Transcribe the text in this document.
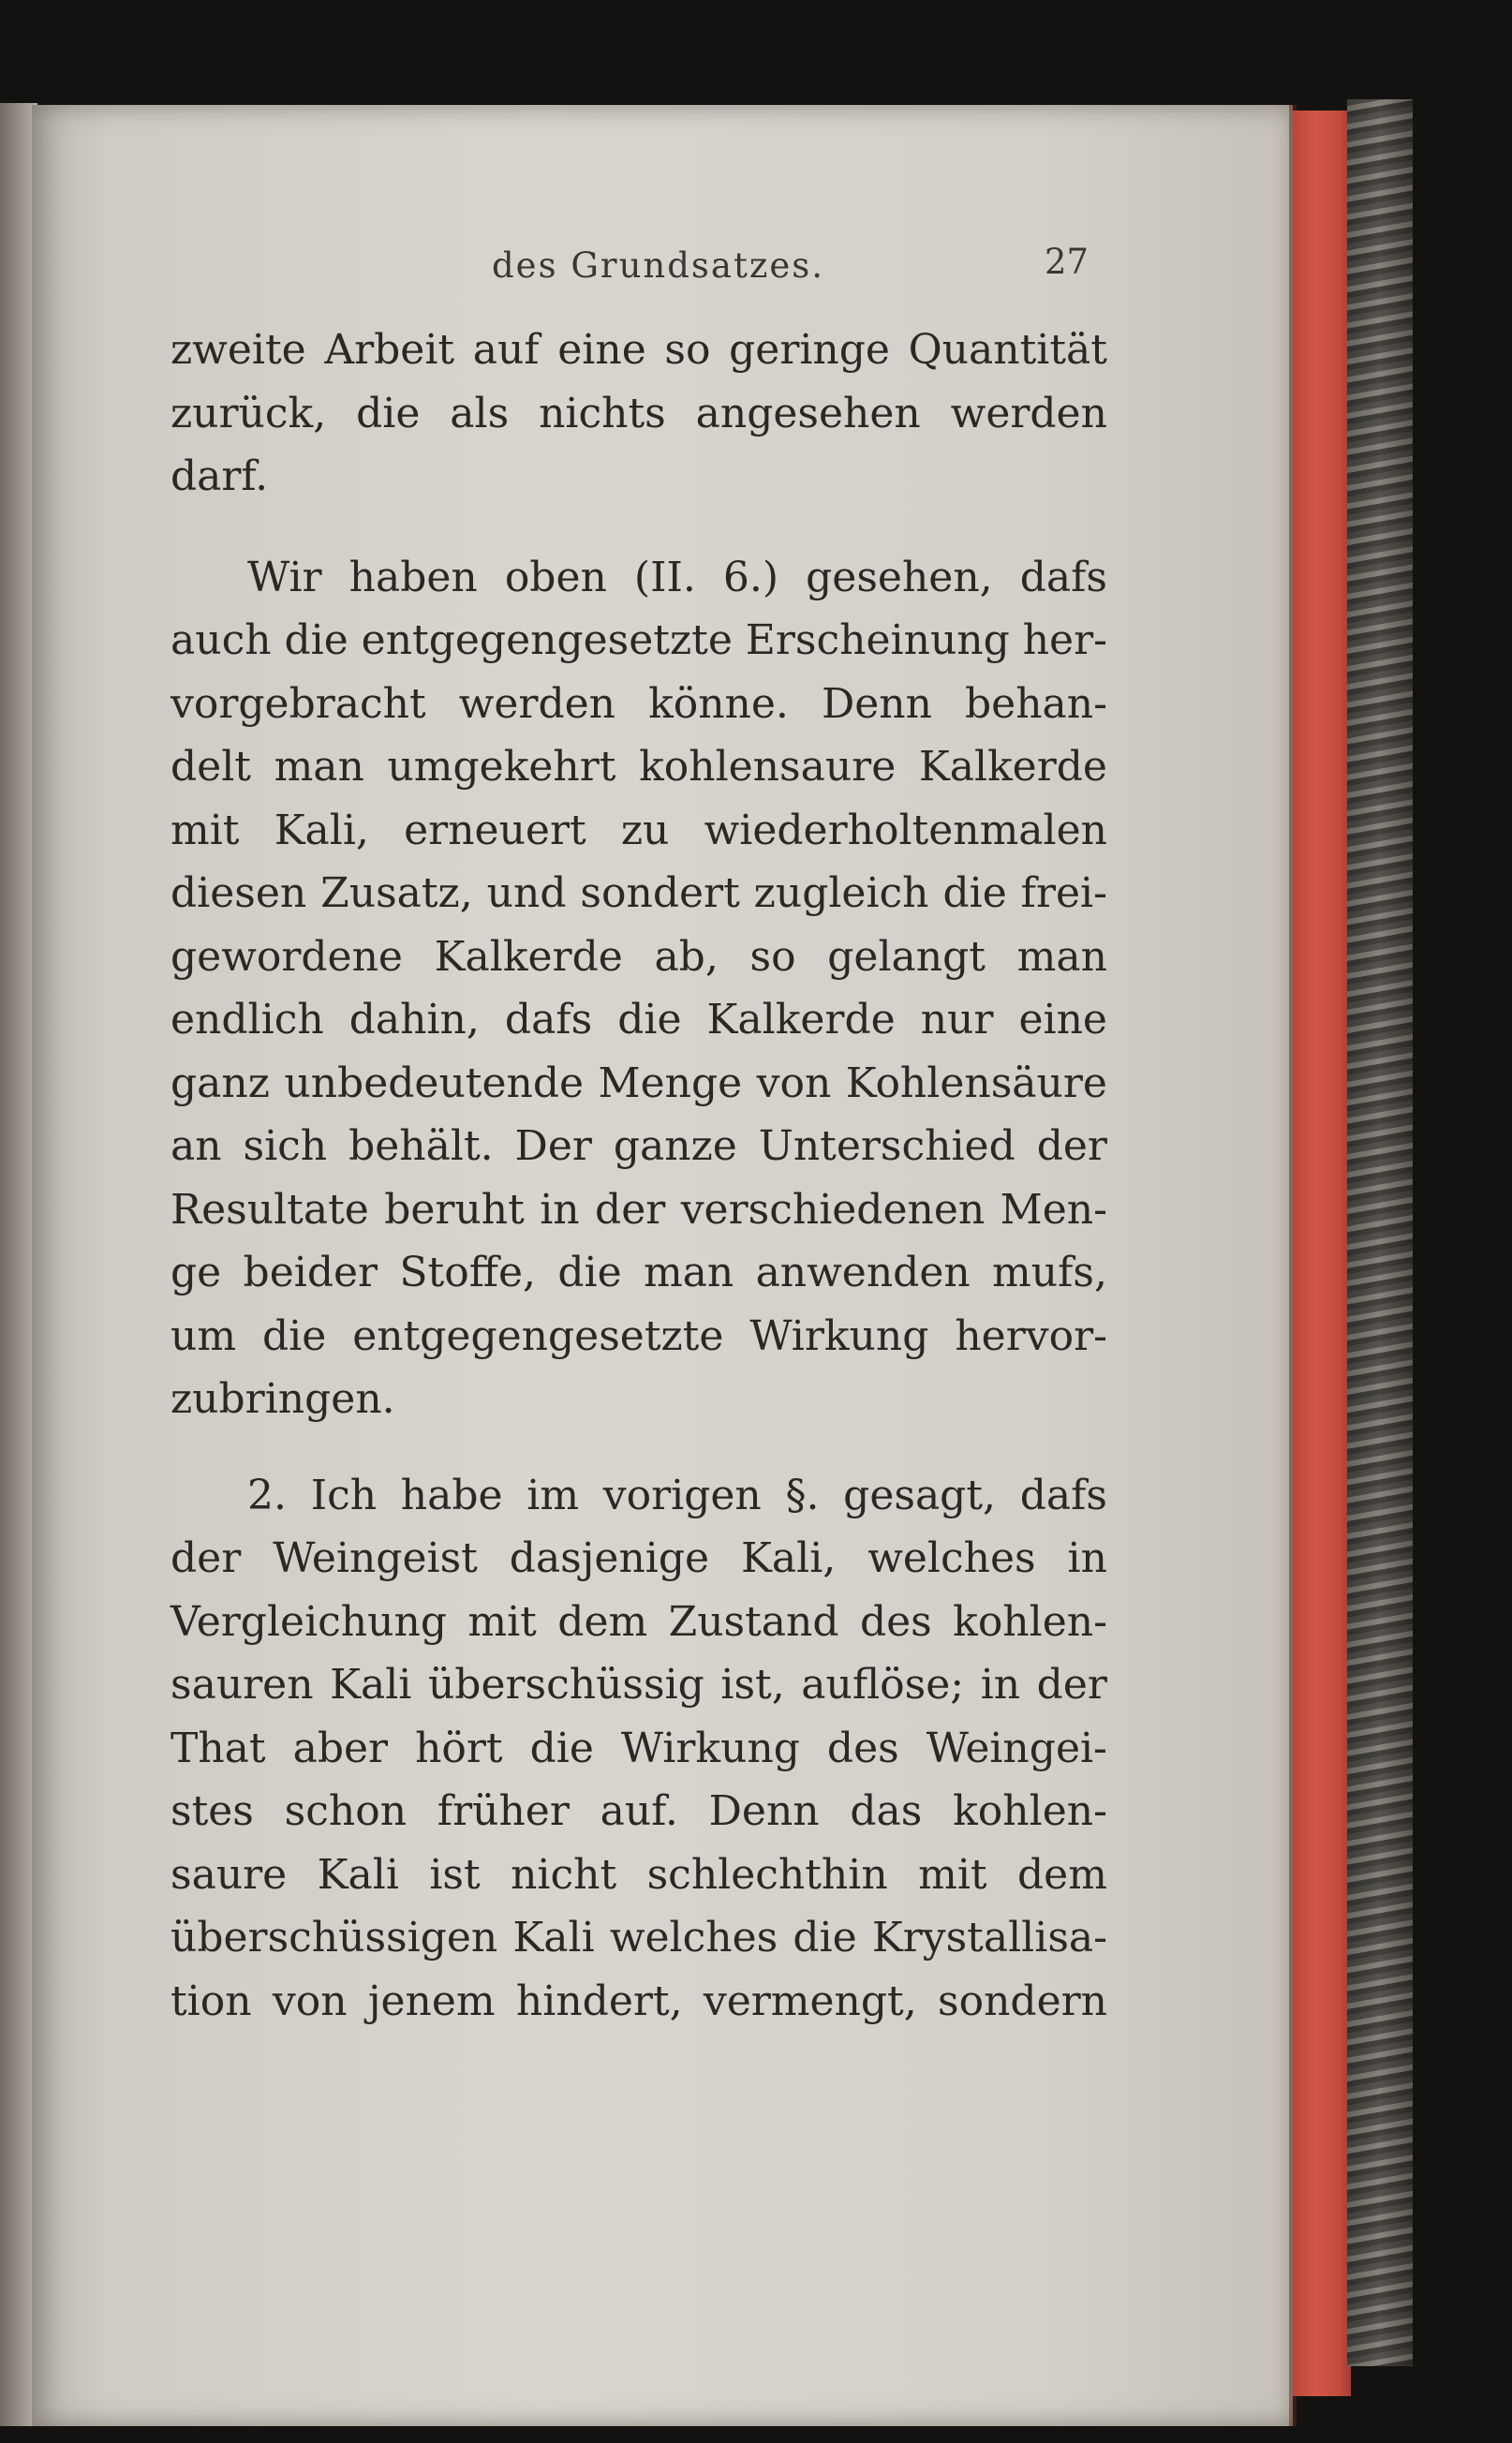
des Grundsatzes.	27
zweite Arbeit auf eine so geringe Quantität
zurück, die als nichts angesehen werden
darf.
Wir haben oben (II. 6.) gesehen, dafs
auch die entgegengesetzte Erscheinung her-
vorgebracht werden könne. Denn behan-
delt man umgekehrt kohlensaure Kalkerde
mit Kali, erneuert zu wiederholtenmalen
diesen Zusatz, und sondert zugleich die frei-
gewordene Kalkerde ab, so gelangt man
endlich dahin, dafs die Kalkerde nur eine
ganz unbedeutende Menge von Kohlensäure
an sich behält. Der ganze Unterschied der
Resultate beruht in der verschiedenen Men-
ge beider Stoffe, die man anwenden mufs,
um die entgegengesetzte Wirkung hervor-
zubringen.
2. Ich habe im vorigen §. gesagt, dafs
der Weingeist dasjenige Kali, welches in
Vergleichung mit dem Zustand des kohlen-
sauren Kali überschüssig ist, auflöse; in der
That aber hört die Wirkung des Weingei-
stes schon früher auf. Denn das kohlen-
saure Kali ist nicht schlechthin mit dem
überschüssigen Kali welches die Krystallisa-
tion von jenem hindert, vermengt, sondern
